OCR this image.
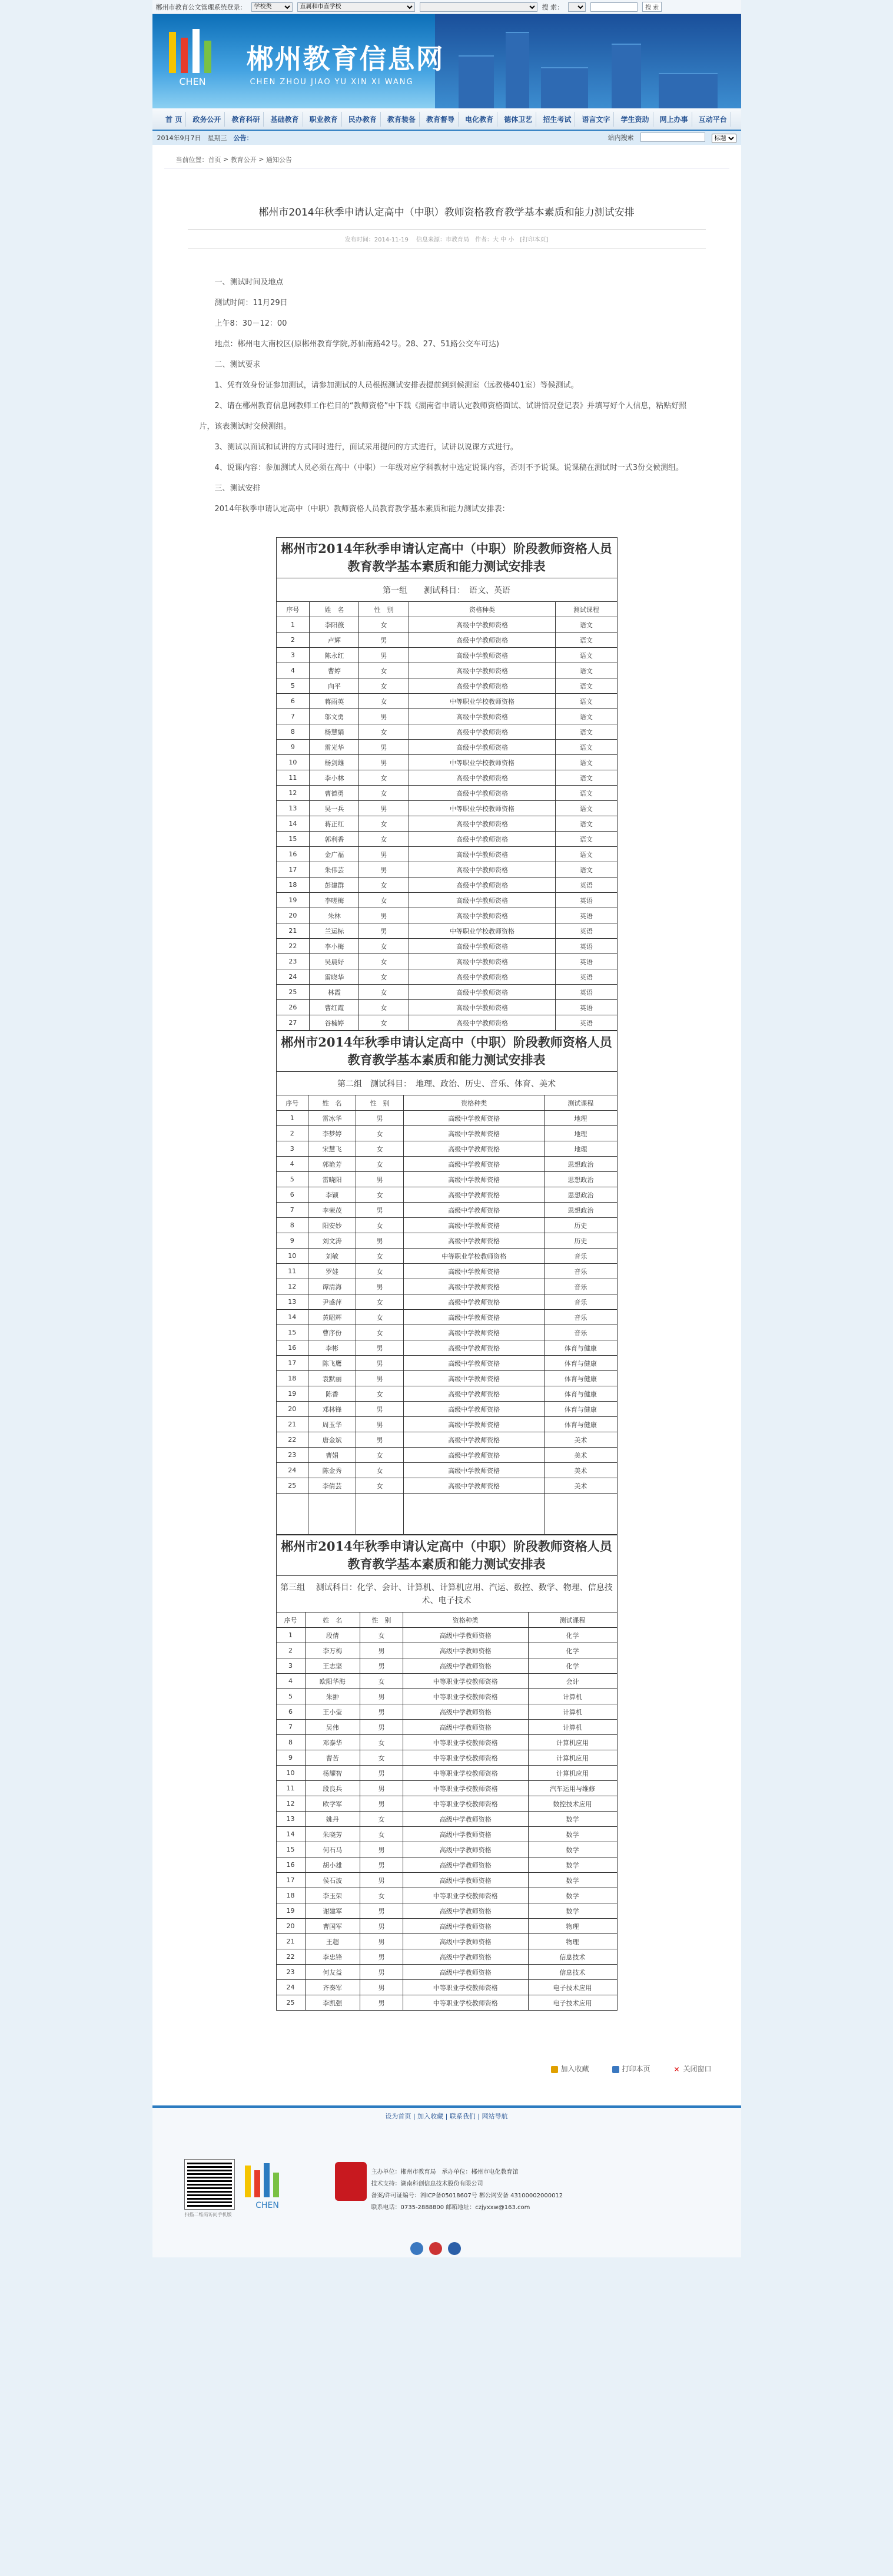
郴州市教育公文管理系统登录：
学校类
直属和市直学校	搜 索：	搜 索
CHEN
郴州教育信息网
CHEN ZHOU JIAO YU XIN XI WANG
首 页	政务公开	教育科研	基础教育	职业教育	民办教育	教育装备	教育督导	电化教育	德体卫艺	招生考试	语言文字	学生资助	网上办事	互动平台
2014年9月7日　 星期三　 公告：	站内搜索　　
标题
当前位置： 首页 > 教育公开 > 通知公告
郴州市2014年秋季申请认定高中（中职）教师资格教育教学基本素质和能力测试安排
发布时间：2014-11-19　 信息来源：市教育局　作者：大 中 小　[打印本页]

一、测试时间及地点

测试时间：11月29日

上午8：30－12：00

地点：郴州电大南校区(原郴州教育学院,苏仙南路42号。28、27、51路公交车可达)

二、测试要求

1、凭有效身份证参加测试，请参加测试的人员根据测试安排表提前到到候测室（远教楼401室）等候测试。

2、请在郴州教育信息网教师工作栏目的“教师资格”中下载《湖南省申请认定教师资格面试、试讲情况登记表》并填写好个人信息，粘贴好照片，该表测试时交候测组。

3、测试以面试和试讲的方式同时进行，面试采用提问的方式进行，试讲以说课方式进行。

4、说课内容：参加测试人员必须在高中（中职）一年级对应学科教材中选定说课内容，否则不予说课。说课稿在测试时一式3份交候测组。

三、测试安排

2014年秋季申请认定高中（中职）教师资格人员教育教学基本素质和能力测试安排表：

郴州市2014年秋季申请认定高中（中职）阶段教师资格人员教育教学基本素质和能力测试安排表				
第一组　　测试科目：　语文、英语				
序号	姓　名	性　别	资格种类	测试课程
1	李阳薇	女	高级中学教师资格	语文
2	卢辉	男	高级中学教师资格	语文
3	陈永红	男	高级中学教师资格	语文
4	曹婷	女	高级中学教师资格	语文
5	向平	女	高级中学教师资格	语文
6	蒋雨英	女	中等职业学校教师资格	语文
7	邬文勇	男	高级中学教师资格	语文
8	杨慧娟	女	高级中学教师资格	语文
9	雷光华	男	高级中学教师资格	语文
10	杨剑雄	男	中等职业学校教师资格	语文
11	李小林	女	高级中学教师资格	语文
12	曹德勇	女	高级中学教师资格	语文
13	吴一兵	男	中等职业学校教师资格	语文
14	蒋正红	女	高级中学教师资格	语文
15	郭利香	女	高级中学教师资格	语文
16	金广福	男	高级中学教师资格	语文
17	朱伟芸	男	高级中学教师资格	语文
18	彭建群	女	高级中学教师资格	英语
19	李嗟梅	女	高级中学教师资格	英语
20	朱林	男	高级中学教师资格	英语
21	兰运标	男	中等职业学校教师资格	英语
22	李小梅	女	高级中学教师资格	英语
23	吴晨好	女	高级中学教师资格	英语
24	雷晓华	女	高级中学教师资格	英语
25	林霞	女	高级中学教师资格	英语
26	曹红霞	女	高级中学教师资格	英语
27	谷楠婷	女	高级中学教师资格	英语
郴州市2014年秋季申请认定高中（中职）阶段教师资格人员教育教学基本素质和能力测试安排表				
第二组　测试科目：　地理、政治、历史、音乐、体育、美术				
序号	姓　名	性　别	资格种类	测试课程
1	雷冰华	男	高级中学教师资格	地理
2	李梦婷	女	高级中学教师资格	地理
3	宋慧飞	女	高级中学教师资格	地理
4	郭艳芳	女	高级中学教师资格	思想政治
5	雷晓阳	男	高级中学教师资格	思想政治
6	李颖	女	高级中学教师资格	思想政治
7	李荣茂	男	高级中学教师资格	思想政治
8	阳安妙	女	高级中学教师资格	历史
9	刘文涛	男	高级中学教师资格	历史
10	刘敏	女	中等职业学校教师资格	音乐
11	罗娃	女	高级中学教师资格	音乐
12	谭清海	男	高级中学教师资格	音乐
13	尹盛萍	女	高级中学教师资格	音乐
14	黄昭辉	女	高级中学教师资格	音乐
15	曹序份	女	高级中学教师资格	音乐
16	李彬	男	高级中学教师资格	体育与健康
17	陈飞鹰	男	高级中学教师资格	体育与健康
18	袁默丽	男	高级中学教师资格	体育与健康
19	陈香	女	高级中学教师资格	体育与健康
20	邓林锋	男	高级中学教师资格	体育与健康
21	周玉华	男	高级中学教师资格	体育与健康
22	唐金斌	男	高级中学教师资格	美术
23	曹娟	女	高级中学教师资格	美术
24	陈金秀	女	高级中学教师资格	美术
25	李倩芸	女	高级中学教师资格	美术

郴州市2014年秋季申请认定高中（中职）阶段教师资格人员教育教学基本素质和能力测试安排表				
第三组　 测试科目：化学、会计、计算机、计算机应用、汽运、数控、数学、物理、信息技术、电子技术				
序号	姓　名	性　别	资格种类	测试课程
1	段倩	女	高级中学教师资格	化学
2	李万梅	男	高级中学教师资格	化学
3	王志坚	男	高级中学教师资格	化学
4	欧阳华海	女	中等职业学校教师资格	会计
5	朱翀	男	中等职业学校教师资格	计算机
6	王小莹	男	高级中学教师资格	计算机
7	吴伟	男	高级中学教师资格	计算机
8	邓泰华	女	中等职业学校教师资格	计算机应用
9	曹苦	女	中等职业学校教师资格	计算机应用
10	杨耀智	男	中等职业学校教师资格	计算机应用
11	段良兵	男	中等职业学校教师资格	汽车运用与维修
12	欧学军	男	中等职业学校教师资格	数控技术应用
13	姚丹	女	高级中学教师资格	数学
14	朱晓芳	女	高级中学教师资格	数学
15	何石马	男	高级中学教师资格	数学
16	胡小雄	男	高级中学教师资格	数学
17	侯石波	男	高级中学教师资格	数学
18	李玉荣	女	中等职业学校教师资格	数学
19	谢建军	男	高级中学教师资格	数学
20	曹国军	男	高级中学教师资格	物理
21	王超	男	高级中学教师资格	物理
22	李忠锋	男	高级中学教师资格	信息技术
23	何友益	男	高级中学教师资格	信息技术
24	齐奏军	男	中等职业学校教师资格	电子技术应用
25	李凯强	男	中等职业学校教师资格	电子技术应用
加入收藏	打印本页	✕ 关闭窗口
设为首页 | 加入收藏 | 联系我们 | 网站导航
扫描二维码访问手机版
CHEN
主办单位：郴州市教育局　承办单位：郴州市电化教育馆
技术支持：湖南科创信息技术股份有限公司
备案/许可证编号：湘ICP备05018607号 郴公网安备 43100002000012
联系电话：0735-2888800 邮箱地址：czjyxxw@163.com
